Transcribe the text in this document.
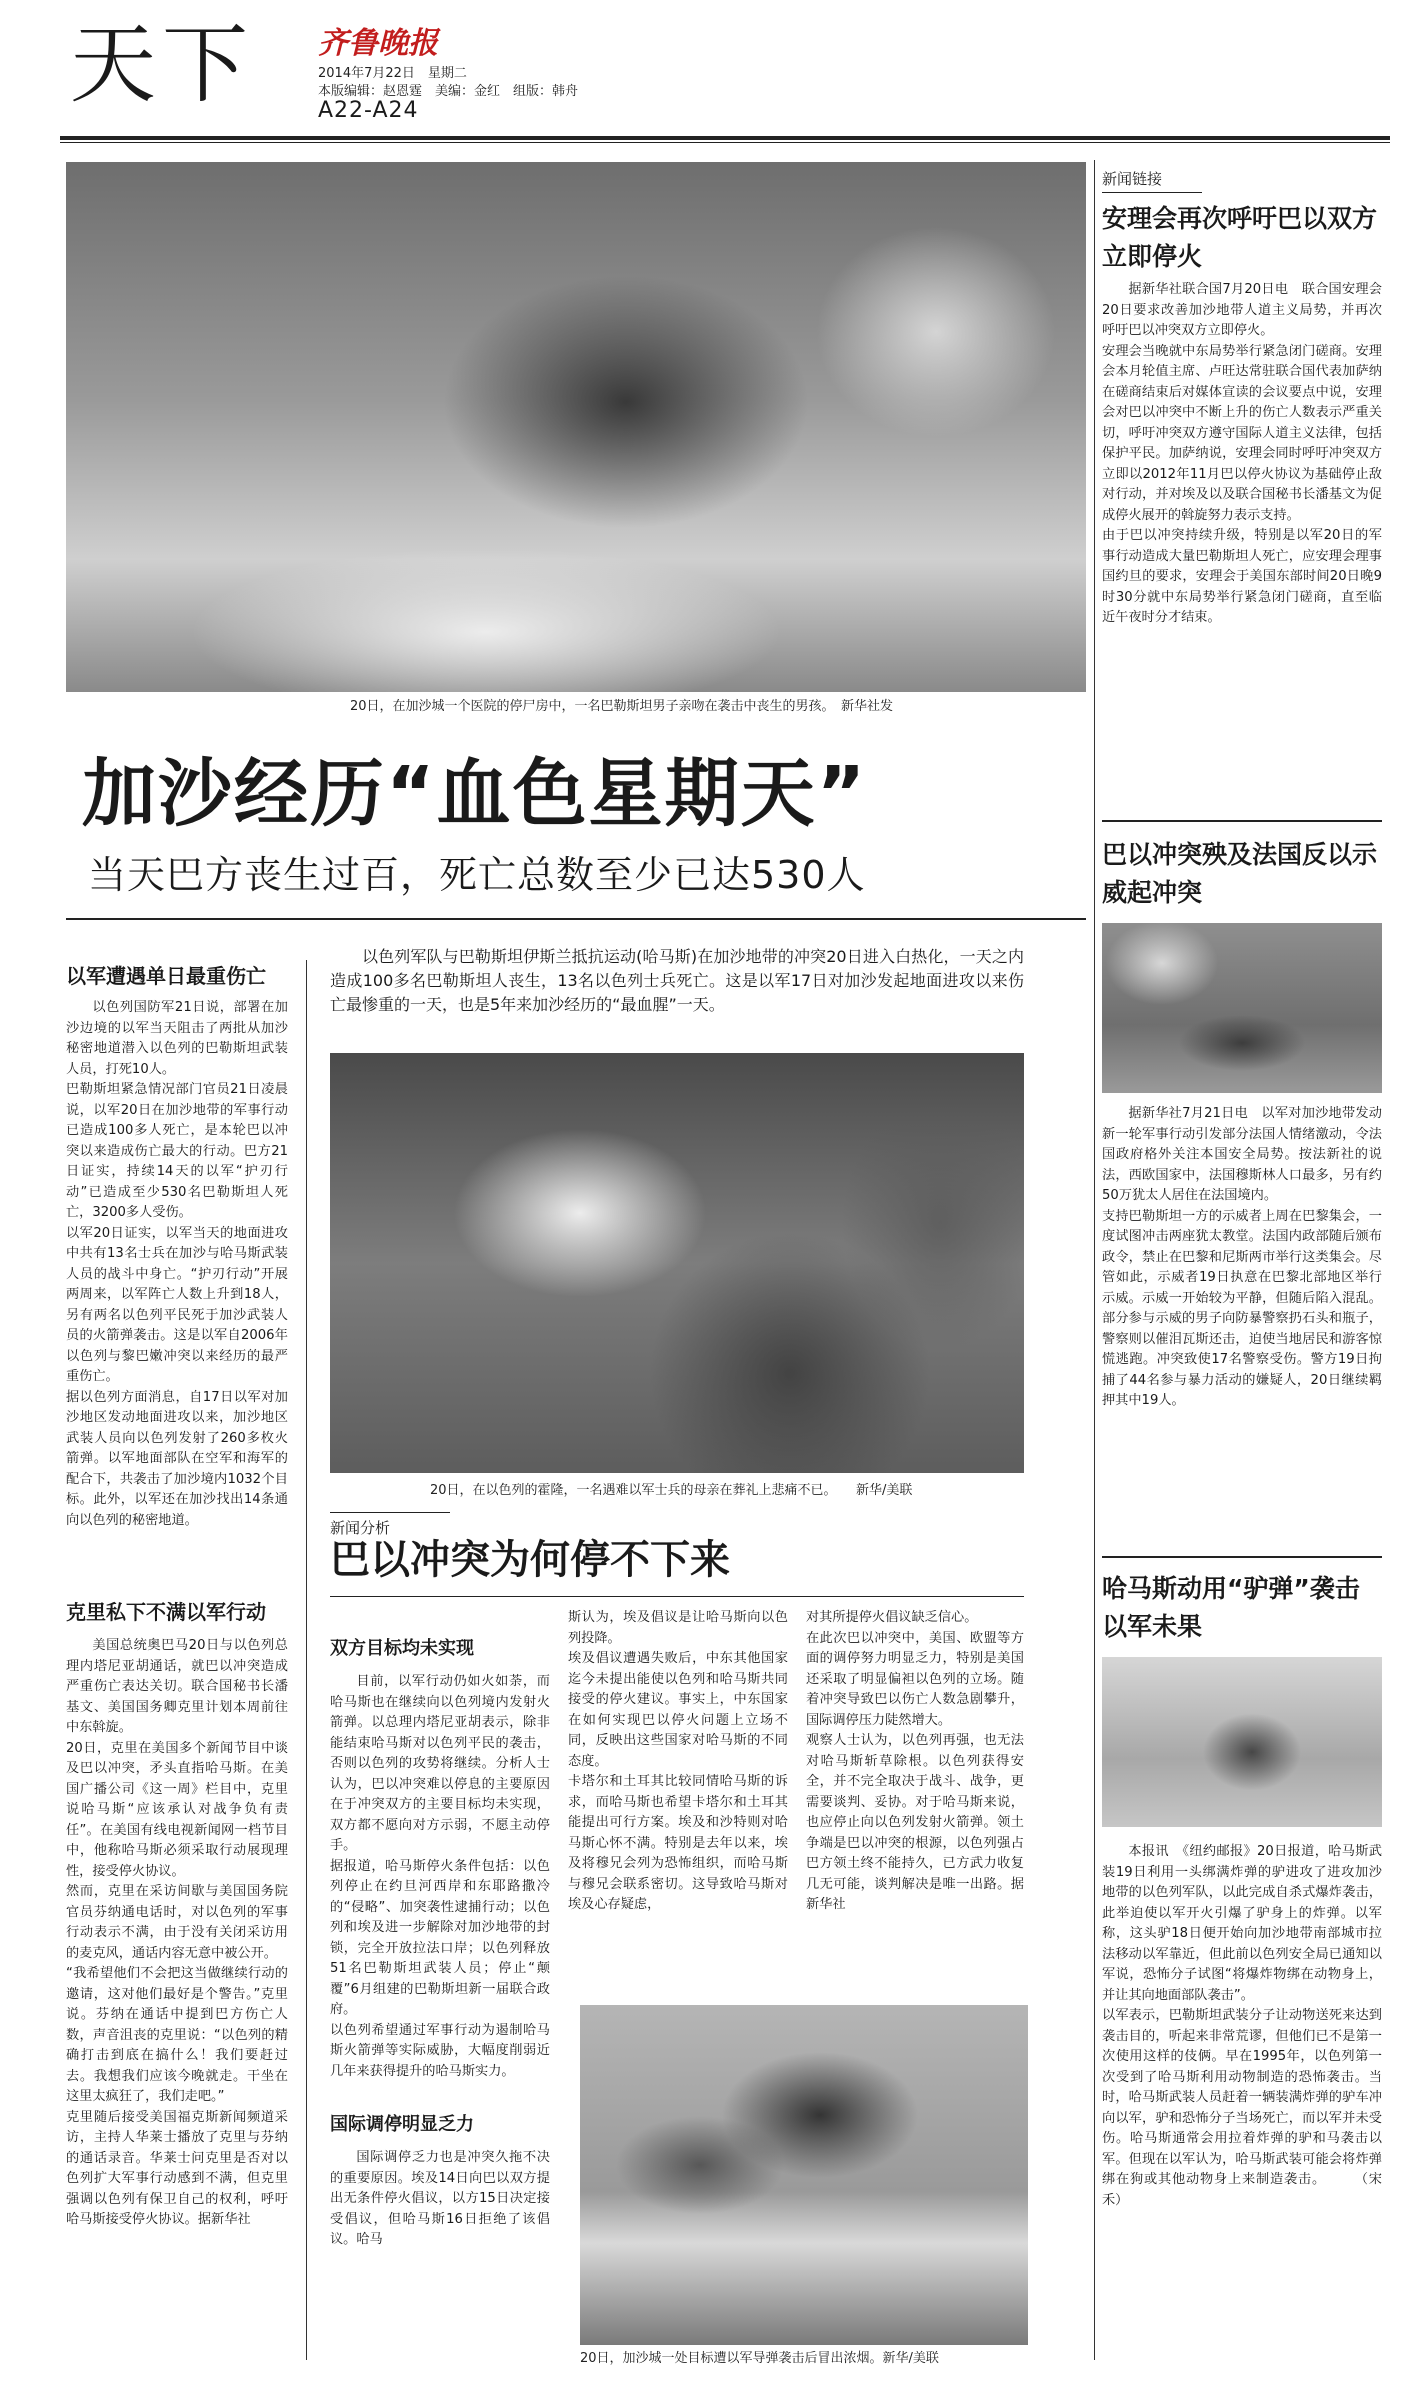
天下 齐鲁晚报
2014年7月22日　星期二
本版编辑：赵恩霆　美编：金红　组版：韩舟
A22-A24
20日，在加沙城一个医院的停尸房中，一名巴勒斯坦男子亲吻在袭击中丧生的男孩。　新华社发
加沙经历“血色星期天”
当天巴方丧生过百，死亡总数至少已达530人
以色列军队与巴勒斯坦伊斯兰抵抗运动(哈马斯)在加沙地带的冲突20日进入白热化，一天之内造成100多名巴勒斯坦人丧生，13名以色列士兵死亡。这是以军17日对加沙发起地面进攻以来伤亡最惨重的一天，也是5年来加沙经历的“最血腥”一天。
20日，在以色列的霍隆，一名遇难以军士兵的母亲在葬礼上悲痛不已。　　新华/美联
以军遭遇单日最重伤亡
以色列国防军21日说，部署在加沙边境的以军当天阻击了两批从加沙秘密地道潜入以色列的巴勒斯坦武装人员，打死10人。
巴勒斯坦紧急情况部门官员21日凌晨说，以军20日在加沙地带的军事行动已造成100多人死亡，是本轮巴以冲突以来造成伤亡最大的行动。巴方21日证实，持续14天的以军“护刃行动”已造成至少530名巴勒斯坦人死亡，3200多人受伤。
以军20日证实，以军当天的地面进攻中共有13名士兵在加沙与哈马斯武装人员的战斗中身亡。“护刃行动”开展两周来，以军阵亡人数上升到18人，另有两名以色列平民死于加沙武装人员的火箭弹袭击。这是以军自2006年以色列与黎巴嫩冲突以来经历的最严重伤亡。
据以色列方面消息，自17日以军对加沙地区发动地面进攻以来，加沙地区武装人员向以色列发射了260多枚火箭弹。以军地面部队在空军和海军的配合下，共袭击了加沙境内1032个目标。此外，以军还在加沙找出14条通向以色列的秘密地道。
克里私下不满以军行动
美国总统奥巴马20日与以色列总理内塔尼亚胡通话，就巴以冲突造成严重伤亡表达关切。联合国秘书长潘基文、美国国务卿克里计划本周前往中东斡旋。
20日，克里在美国多个新闻节目中谈及巴以冲突，矛头直指哈马斯。在美国广播公司《这一周》栏目中，克里说哈马斯“应该承认对战争负有责任”。在美国有线电视新闻网一档节目中，他称哈马斯必须采取行动展现理性，接受停火协议。
然而，克里在采访间歇与美国国务院官员芬纳通电话时，对以色列的军事行动表示不满，由于没有关闭采访用的麦克风，通话内容无意中被公开。
“我希望他们不会把这当做继续行动的邀请，这对他们最好是个警告。”克里说。芬纳在通话中提到巴方伤亡人数，声音沮丧的克里说：“以色列的精确打击到底在搞什么！我们要赶过去。我想我们应该今晚就走。干坐在这里太疯狂了，我们走吧。”
克里随后接受美国福克斯新闻频道采访，主持人华莱士播放了克里与芬纳的通话录音。华莱士问克里是否对以色列扩大军事行动感到不满，但克里强调以色列有保卫自己的权利，呼吁哈马斯接受停火协议。据新华社
新闻分析
巴以冲突为何停不下来
双方目标均未实现
目前，以军行动仍如火如荼，而哈马斯也在继续向以色列境内发射火箭弹。以总理内塔尼亚胡表示，除非能结束哈马斯对以色列平民的袭击，否则以色列的攻势将继续。分析人士认为，巴以冲突难以停息的主要原因在于冲突双方的主要目标均未实现，双方都不愿向对方示弱，不愿主动停手。
据报道，哈马斯停火条件包括：以色列停止在约旦河西岸和东耶路撒冷的“侵略”、加突袭性逮捕行动；以色列和埃及进一步解除对加沙地带的封锁，完全开放拉法口岸；以色列释放51名巴勒斯坦武装人员；停止“颠覆”6月组建的巴勒斯坦新一届联合政府。
以色列希望通过军事行动为遏制哈马斯火箭弹等实际威胁，大幅度削弱近几年来获得提升的哈马斯实力。
国际调停明显乏力
国际调停乏力也是冲突久拖不决的重要原因。埃及14日向巴以双方提出无条件停火倡议，以方15日决定接受倡议，但哈马斯16日拒绝了该倡议。哈马
斯认为，埃及倡议是让哈马斯向以色列投降。
埃及倡议遭遇失败后，中东其他国家迄今未提出能使以色列和哈马斯共同接受的停火建议。事实上，中东国家在如何实现巴以停火问题上立场不同，反映出这些国家对哈马斯的不同态度。
卡塔尔和土耳其比较同情哈马斯的诉求，而哈马斯也希望卡塔尔和土耳其能提出可行方案。埃及和沙特则对哈马斯心怀不满。特别是去年以来，埃及将穆兄会列为恐怖组织，而哈马斯与穆兄会联系密切。这导致哈马斯对埃及心存疑虑，
对其所提停火倡议缺乏信心。
在此次巴以冲突中，美国、欧盟等方面的调停努力明显乏力，特别是美国还采取了明显偏袒以色列的立场。随着冲突导致巴以伤亡人数急剧攀升，国际调停压力陡然增大。
观察人士认为，以色列再强，也无法对哈马斯斩草除根。以色列获得安全，并不完全取决于战斗、战争，更需要谈判、妥协。对于哈马斯来说，也应停止向以色列发射火箭弹。领土争端是巴以冲突的根源，以色列强占巴方领土终不能持久，已方武力收复几无可能，谈判解决是唯一出路。据新华社
20日，加沙城一处目标遭以军导弹袭击后冒出浓烟。新华/美联
新闻链接
安理会再次呼吁巴以双方立即停火
据新华社联合国7月20日电　联合国安理会20日要求改善加沙地带人道主义局势，并再次呼吁巴以冲突双方立即停火。
安理会当晚就中东局势举行紧急闭门磋商。安理会本月轮值主席、卢旺达常驻联合国代表加萨纳在磋商结束后对媒体宣读的会议要点中说，安理会对巴以冲突中不断上升的伤亡人数表示严重关切，呼吁冲突双方遵守国际人道主义法律，包括保护平民。加萨纳说，安理会同时呼吁冲突双方立即以2012年11月巴以停火协议为基础停止敌对行动，并对埃及以及联合国秘书长潘基文为促成停火展开的斡旋努力表示支持。
由于巴以冲突持续升级，特别是以军20日的军事行动造成大量巴勒斯坦人死亡，应安理会理事国约旦的要求，安理会于美国东部时间20日晚9时30分就中东局势举行紧急闭门磋商，直至临近午夜时分才结束。
巴以冲突殃及法国反以示威起冲突
据新华社7月21日电　以军对加沙地带发动新一轮军事行动引发部分法国人情绪激动，令法国政府格外关注本国安全局势。按法新社的说法，西欧国家中，法国穆斯林人口最多，另有约50万犹太人居住在法国境内。
支持巴勒斯坦一方的示威者上周在巴黎集会，一度试图冲击两座犹太教堂。法国内政部随后颁布政令，禁止在巴黎和尼斯两市举行这类集会。尽管如此，示威者19日执意在巴黎北部地区举行示威。示威一开始较为平静，但随后陷入混乱。部分参与示威的男子向防暴警察扔石头和瓶子，警察则以催泪瓦斯还击，迫使当地居民和游客惊慌逃跑。冲突致使17名警察受伤。警方19日拘捕了44名参与暴力活动的嫌疑人，20日继续羁押其中19人。
哈马斯动用“驴弹”袭击以军未果
本报讯　《纽约邮报》20日报道，哈马斯武装19日利用一头绑满炸弹的驴进攻了进攻加沙地带的以色列军队，以此完成自杀式爆炸袭击，此举迫使以军开火引爆了驴身上的炸弹。以军称，这头驴18日便开始向加沙地带南部城市拉法移动以军靠近，但此前以色列安全局已通知以军说，恐怖分子试图“将爆炸物绑在动物身上，并让其向地面部队袭击”。
以军表示，巴勒斯坦武装分子让动物送死来达到袭击目的，听起来非常荒谬，但他们已不是第一次使用这样的伎俩。早在1995年，以色列第一次受到了哈马斯利用动物制造的恐怖袭击。当时，哈马斯武装人员赶着一辆装满炸弹的驴车冲向以军，驴和恐怖分子当场死亡，而以军并未受伤。哈马斯通常会用拉着炸弹的驴和马袭击以军。但现在以军认为，哈马斯武装可能会将炸弹绑在狗或其他动物身上来制造袭击。　　　（宋禾）
